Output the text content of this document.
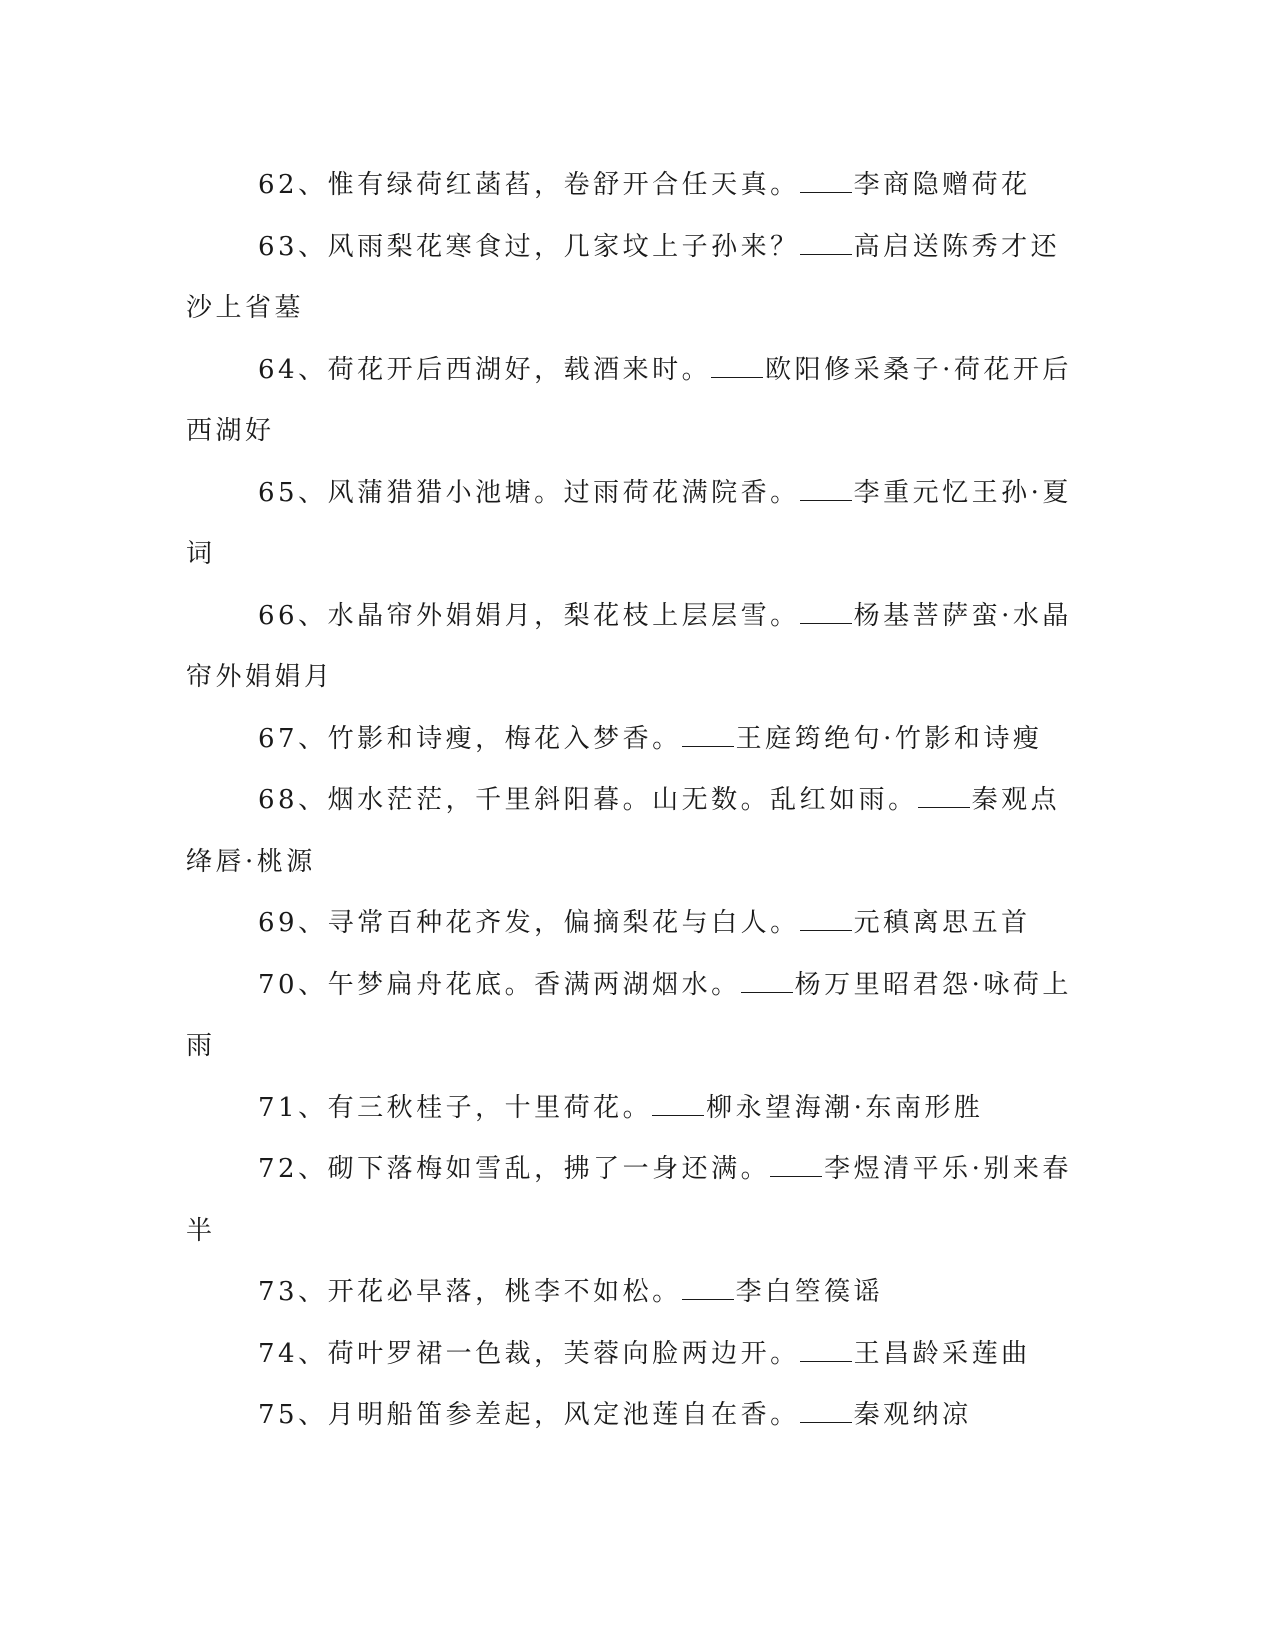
62、惟有绿荷红菡萏，卷舒开合任天真。 李商隐赠荷花

63、风雨梨花寒食过，几家坟上子孙来？ 高启送陈秀才还沙上省墓

64、荷花开后西湖好，载酒来时。 欧阳修采桑子·荷花开后西湖好

65、风蒲猎猎小池塘。过雨荷花满院香。 李重元忆王孙·夏词

66、水晶帘外娟娟月，梨花枝上层层雪。 杨基菩萨蛮·水晶帘外娟娟月

67、竹影和诗瘦，梅花入梦香。 王庭筠绝句·竹影和诗瘦

68、烟水茫茫，千里斜阳暮。山无数。乱红如雨。 秦观点绛唇·桃源

69、寻常百种花齐发，偏摘梨花与白人。 元稹离思五首

70、午梦扁舟花底。香满两湖烟水。 杨万里昭君怨·咏荷上雨

71、有三秋桂子，十里荷花。 柳永望海潮·东南形胜

72、砌下落梅如雪乱，拂了一身还满。 李煜清平乐·别来春半

73、开花必早落，桃李不如松。 李白箜篌谣

74、荷叶罗裙一色裁，芙蓉向脸两边开。 王昌龄采莲曲

75、月明船笛参差起，风定池莲自在香。 秦观纳凉
